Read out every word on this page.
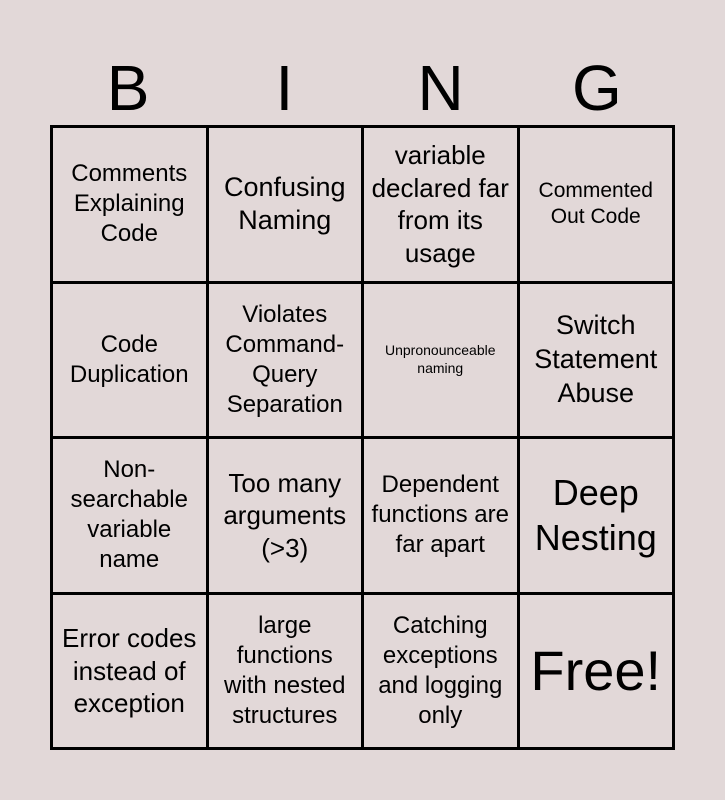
B	I	N	G
Comments Explaining Code
Confusing Naming
variable declared far from its usage
Commented Out Code
Code Duplication
Violates Command-Query Separation
Unpronounceable naming
Switch Statement Abuse
Non-searchable variable name
Too many arguments (>3)
Dependent functions are far apart
Deep Nesting
Error codes instead of exception
large functions with nested structures
Catching exceptions and logging only
Free!
